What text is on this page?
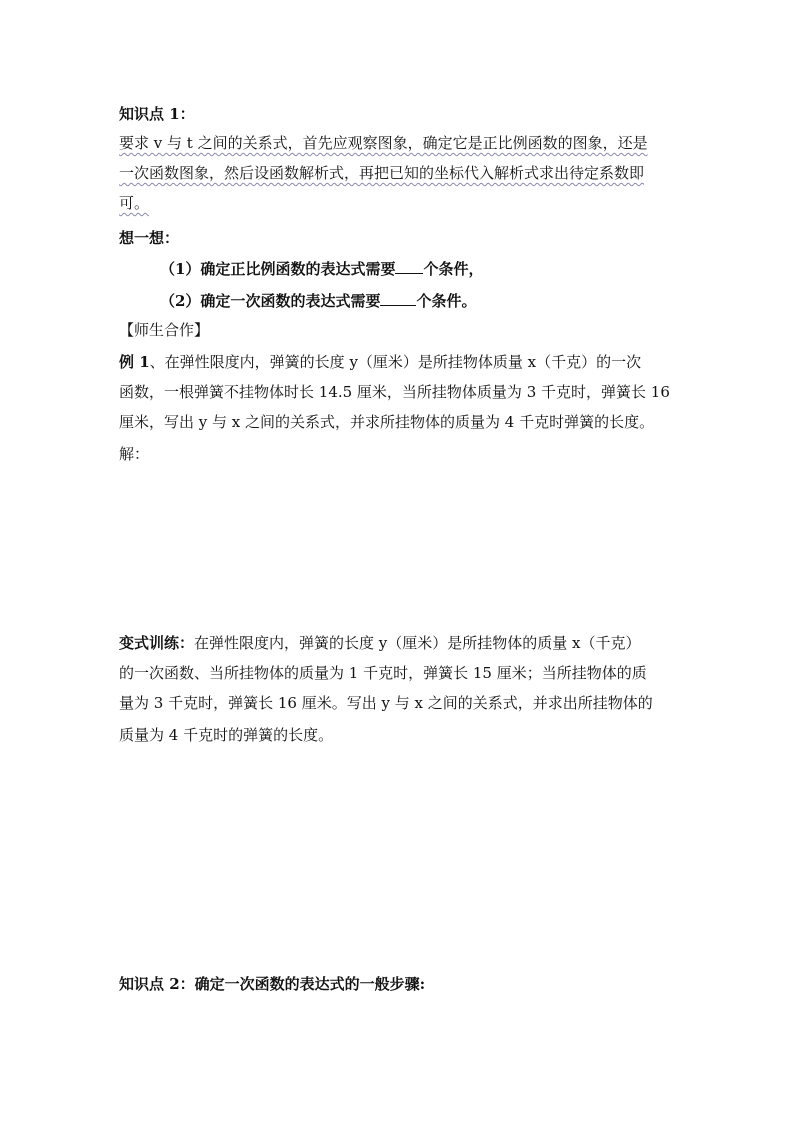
知识点 1：
要求 v 与 t 之间的关系式，首先应观察图象，确定它是正比例函数的图象，还是
一次函数图象，然后设函数解析式，再把已知的坐标代入解析式求出待定系数即
可。
想一想：
（1）确定正比例函数的表达式需要 个条件，
（2）确定一次函数的表达式需要 个条件。
【师生合作】
例 1、在弹性限度内，弹簧的长度 y（厘米）是所挂物体质量 x（千克）的一次
函数，一根弹簧不挂物体时长 14.5 厘米，当所挂物体质量为 3 千克时，弹簧长 16
厘米，写出 y 与 x 之间的关系式，并求所挂物体的质量为 4 千克时弹簧的长度。
解：
变式训练：在弹性限度内，弹簧的长度 y（厘米）是所挂物体的质量 x（千克）
的一次函数、当所挂物体的质量为 1 千克时，弹簧长 15 厘米；当所挂物体的质
量为 3 千克时，弹簧长 16 厘米。写出 y 与 x 之间的关系式，并求出所挂物体的
质量为 4 千克时的弹簧的长度。
知识点 2：确定一次函数的表达式的一般步骤:
